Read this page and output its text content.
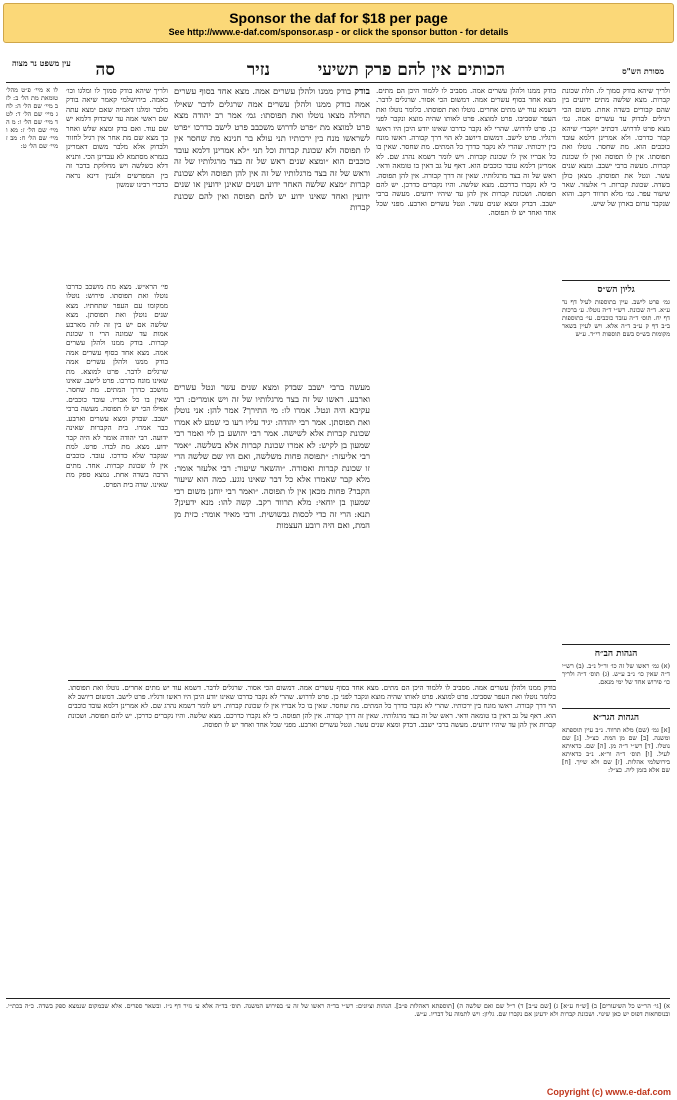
Sponsor the daf for $18 per page
See http://www.e-daf.com/sponsor.asp - or click the sponsor button - for details
מסורת הש"ס
הכותים אין להם פרק תשיעי
נזיר
סה
עין משפט נר מצוה
ולריך שיהא בודק סמוך לו. תלת שכונת קברות. מצא שלשה מתים ידועים בין שהם קבורים בשדה אחת. משום הכי רגילים לבדוק עד עשרים אמה. גמ׳ מצא פרט לדרוש. דכתיב ״וקבר״ שיהא קבור כדרכו. ולא אמרינן דלמא עובד כוכבים הוא. מת שחסר. נוטלו ואת תפוסתו. אין לו תפוסה ואין לו שכונת קברות. מעשה ברבי ישבב. ומצא שנים עשר. ונטל את תפוסתן. מצאן כולן בשדה. שכונת קברות. ר׳ אלעזר. שאר שיעור עפר. גמ׳ מלא תרווד רקב. והוא שנקבר ערום בארון של שיש.
גליון הש״ס
גמ׳ פרט לישב. עיין בתוספות לעיל דף נד ע״א. ד״ה שכונת. רש״י ד״ה נוטלו. ע׳ ברכות דף יח. תוס׳ ד״ה עובד כוכבים. עי׳ בתוספות ב״ב דף ק ע״ב ד״ה אלא. ויש לעיין בשאר מקומות בש״ס בשם תוספות רי״ד. ע״ש
הגהות הב״ח
(א) גמ׳ ראשו של זה כו׳ ור״ל נ״ב. (ב) רש״י ד״ה שאין כו׳ נ״ב ע״ש. (ג) תוס׳ ד״ה ולריך כו׳ פירוש אחד של ימי מנאם.
הגהות הגר״א
[א] גמ׳ (שם) מלא תרווד. נ״ב עיין תוספתא ומשנה. [ב] שם מן המת. כצ״ל. [ג] שם נוטלו. [ד] רש״י ד״ה מן. [ה] שם. כדאיתא לעיל. [ו] תוס׳ ד״ה ור״א. נ״ב כדאיתא בירושלמי אהלות. [ז] שם ולא שייך. [ח] שם אלא בזמן ליה. כצ״ל:
בודק ממנו ולהלן עשרים אמה. מסביב לו ללמוד היכן הם מתים. מצא אחד בסוף עשרים אמה. דמשום הכי אסור. שרגלים לדבר. דשמא עוד יש מתים אחרים. נוטלו ואת תפוסתו. כלומר נוטלו ואת העפר שסביבו. פרט למוצא. פרט לאותו שהיה מוצא ונקבר לפני כן. פרט לדרוש. שהרי לא נקבר כדרכו שאינו יודע היכן היו ראשו ורגליו. פרט לישב. דמשום דיושב לא הוי דרך קבורה. ראשו מונח בין ירכותיו. שהרי לא נקבר כדרך כל המתים. מת שחסר. שאין בו כל אבריו אין לו שכונת קברות. ויש לומר דשמא נהרג שם. לא אמרינן דלמא עובד כוכבים הוא. דאף על גב דאין בו טומאה ודאי. ראש של זה בצד מרגלותיו. שאין זה דרך קבורה. אין להן תפוסה. כי לא נקברו כדרכם. מצא שלשה. והיו נקברים כדרכן. יש להם תפוסה. ושכונת קברות אין להן עד שיהיו ידועים. מעשה ברבי ישבב. דבדק ומצא שנים עשר. ונטל עשרים וארבע. מפני שכל אחד ואחד יש לו תפוסה.
בודק בודק ממנו ולהלן עשרים אמה. מצא אחד בסוף עשרים אמה בודק ממנו ולהלן עשרים אמה שרגלים לדבר שאילו תחילה מצאו נוטלו ואת תפוסתו: גמ׳ אמר רב יהודה מצא פרט למוצא מת ״פרט לדרוש משכבב פרט לישב כדרכו ״פרט לשראשו מנח בין ירכותיו תני עולא בר חנינא מת שחסר אין לו תפוסה ולא שכונת קברות וכל תני ״לא אמרינן דלמא עובד כוכבים הוא ״ומצא שנים ראש של זה בצד מרגלותיו של זה וראש של זה בצד מרגלותיו של זה אין להן תפוסה ולא שכונת קברות ״מצא שלשה האחד ידוע ושנים שאינן ידועין או שנים ידועין ואחד שאינו ידוע יש להם תפוסה ואין להם שכונת קברות
מעשה ברבי ישבב שבדק ומצא שנים עשר ונטל עשרים וארבע. ראשו של זה בצד מרגלותיו של זה ויש אומרים: רבי עקיבא היה ונטל. אמרו לו: מי התירך? אמר להן: אני נוטלן ואת תפוסתן. אמר רבי יהודה: יגיד עליו רעו כי שמע לא אמרו שכונת קברות אלא לשישה. אמר רבי יהושע בן לוי ואמר רבי שמעון בן לקיש: לא אמרו שכונת קברות אלא בשלשה. ״אמר רבי אליעזר: ״תפוסה פחות משלשה, ואם היו שם שלשה הרי זו שכונת קברות ואסורה. ״והשאר שיעור: רבי אלעזר אומר: מלא קבר שאמרו אלא כל דבר שאינו נוגע. כמה הוא שיעור הקבר? פחות מכאן אין לו תפוסה. ״ואמר רבי יוחנן משום רבי שמעון בן יוחאי: מלא תרווד רקב. קשה להו: מנא ידעינן? תנא: הרי זה כדי לכסות גבשושית. ורבי מאיר אומר: כזית מן המת, ואם היה רובע העצמות
ולריך שיהא בודק סמוך לו ומלגו וכו׳ כאמה. בירושלמי קאמר שיאה בודק מלבר ומלגו דאמיה שאם ימצא עתה שם ראשי אמה עד שיבדוק דלמא יש שם עוד. ואם בדק ומצא שלש ואחר כך מצא שם מת אחר אין רגיל לחזור ולבדוק אלא מלבר משום דאמרינן בגמרא מסתמא לא עבדינן הכי. ותניא דלא כשלשה ויש מחלוקת בדבר זה בין המפרשים ולענין דינא נראה כדברי רבינו שמשון
פי׳ הרא״ש. מצא מת מושכב כדרכו נוטלו ואת תפוסתו. פירוש: נוטלו ממקומו עם העפר שתחתיו. מצא שנים נוטלן ואת תפוסתן. מצא שלשה אם יש בין זה לזה מארבע אמות עד שמונה הרי זו שכונת קברות. בודק ממנו ולהלן עשרים אמה. מצא אחד בסוף עשרים אמה בודק ממנו ולהלן עשרים אמה שרגלים לדבר. פרט למוצא. מת שאינו מונח כדרכו. פרט לישב. שאינו מושכב כדרך המתים. מת שחסר. שאין בו כל אבריו. עובד כוכבים. אפילו הכי יש לו תפוסה. מעשה ברבי ישבב. שבדק ומצא עשרים וארבע. כבר אמרו. בית הקברות שאינה ידועה. רבי יהודה אומר לא היה קבר ידוע. מצא. מת לבדו. פרט. למת שנקבר שלא כדרכו. עובד. כוכבים אין לו שכונת קברות. אחד. מתים הרבה בשדה אחת. נמצא ספק מת שאינו. שדה בית הפרס.
לו א מיי׳ פ״ט מהל׳ טומאת מת הל׳ ב: לז ב מיי׳ שם הל׳ ה: לח ג מיי׳ שם הל׳ ד: לט ד מיי׳ שם הל׳ ו: מ ה מיי׳ שם הל׳ ז: מא ו מיי׳ שם הל׳ ח: מב ז מיי׳ שם הל׳ ט:
בודק ממנו ולהלן עשרים אמה. מסביב לו ללמוד היכן הם מתים. מצא אחד בסוף עשרים אמה. דמשום הכי אסור. שרגלים לדבר. דשמא עוד יש מתים אחרים. נוטלו ואת תפוסתו. כלומר נוטלו ואת העפר שסביבו. פרט למוצא. פרט לאותו שהיה מוצא ונקבר לפני כן. פרט לדרוש. שהרי לא נקבר כדרכו שאינו יודע היכן היו ראשו ורגליו. פרט לישב. דמשום דיושב לא הוי דרך קבורה. ראשו מונח בין ירכותיו. שהרי לא נקבר כדרך כל המתים. מת שחסר. שאין בו כל אבריו אין לו שכונת קברות. ויש לומר דשמא נהרג שם. לא אמרינן דלמא עובד כוכבים הוא. דאף על גב דאין בו טומאה ודאי. ראש של זה בצד מרגלותיו. שאין זה דרך קבורה. אין להן תפוסה. כי לא נקברו כדרכם. מצא שלשה. והיו נקברים כדרכן. יש להם תפוסה. ושכונת קברות אין להן עד שיהיו ידועים. מעשה ברבי ישבב. דבדק ומצא שנים עשר. ונטל עשרים וארבע. מפני שכל אחד ואחד יש לו תפוסה.
א) [גי׳ הר״ש כל השיעורים] ב) [ש״ח ע״א] ג) [שם ע״ב] ד) ר״ל שם ואם שלשה ה) [תוספתא דאהלות פ״ב]. הגהות וציונים: רש״י בד״ה ראשו של זה ע׳ בפירוש המשנה. תוס׳ בד״ה אלא ע׳ נזיר דף נ״ז. ובשאר ספרים. אלא שבמקום שנמצא ספק בשדה. כ״ה בכת״י. ובנוסחאות דפוס יש כאן שינוי. ושכונת קברות ולא ידעינן אם נקברו שם. גליון: ויש לתמוה על דבריו. ע״ש.
Copyright (c) www.e-daf.com
